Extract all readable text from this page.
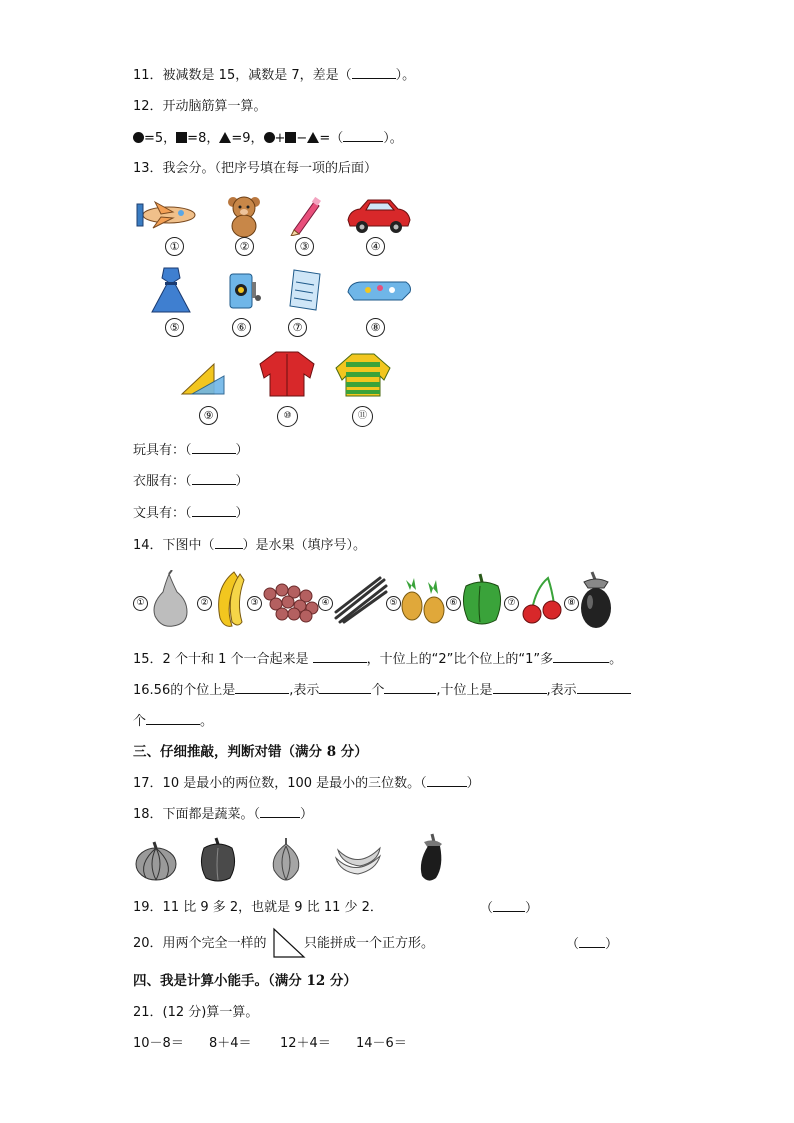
11．被减数是 15，减数是 7，差是（	）。
12．开动脑筋算一算。
=5， =8， =9， + − =（	）。
13．我会分。（把序号填在每一项的后面）
①	②	③	④
⑤	⑥	⑦	⑧
⑨	⑩	⑪
玩具有：（	）
衣服有：（	）
文具有：（	）
14．下图中（ ）是水果（填序号）。
①	②	③	④	⑤	⑥	⑦	⑧
15．2 个十和 1 个一合起来是	，十位上的“2”比个位上的“1”多	。
16.56的个位上是	,表示	个	,十位上是	,表示
个	。
三、仔细推敲，判断对错（满分 8 分）
17．10 是最小的两位数，100 是最小的三位数。（	）
18．下面都是蔬菜。（	）
19．11 比 9 多 2，也就是 9 比 11 少 2．	（ ）
20．用两个完全一样的	只能拼成一个正方形。	（ ）
四、我是计算小能手。（满分 12 分）
21．(12 分)算一算。
10－8＝ 8＋4＝ 12＋4＝ 14－6＝
